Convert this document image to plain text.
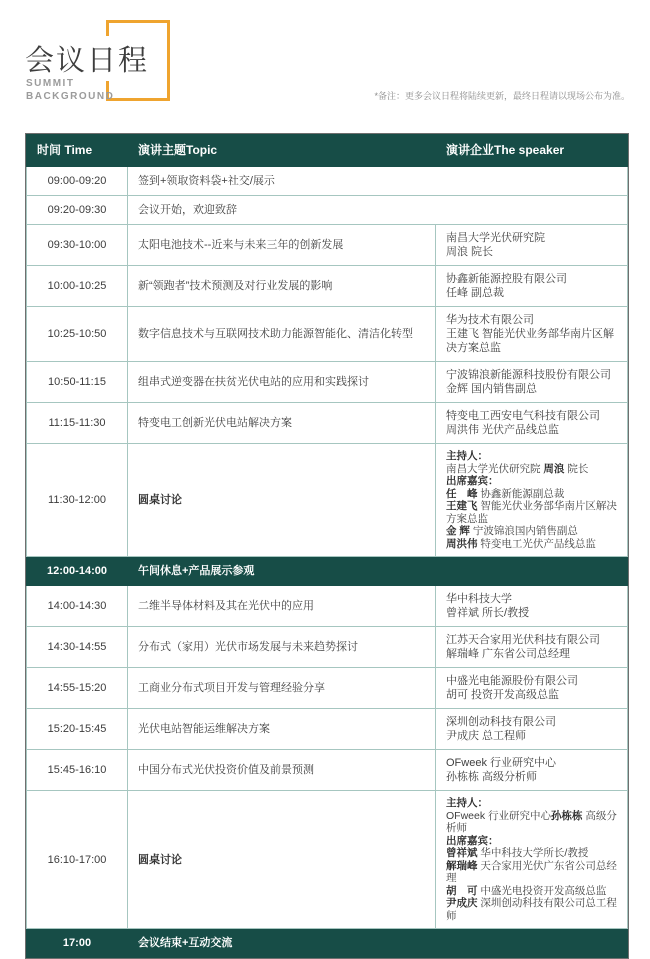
会议日程
SUMMIT
BACKGROUND	*备注：更多会议日程将陆续更新，最终日程请以现场公布为准。
时间 Time	演讲主题Topic	演讲企业The speaker
09:00-09:20	签到+领取资料袋+社交/展示	
09:20-09:30	会议开始，欢迎致辞	
09:30-10:00	太阳电池技术--近来与未来三年的创新发展	南昌大学光伏研究院
周浪 院长

10:00-10:25	新“领跑者”技术预测及对行业发展的影响	协鑫新能源控股有限公司
任峰 副总裁

10:25-10:50	数字信息技术与互联网技术助力能源智能化、清洁化转型	华为技术有限公司
王建飞 智能光伏业务部华南片区解决方案总监

10:50-11:15	组串式逆变器在扶贫光伏电站的应用和实践探讨	宁波锦浪新能源科技股份有限公司
金辉 国内销售副总

11:15-11:30	特变电工创新光伏电站解决方案	特变电工西安电气科技有限公司
周洪伟 光伏产品线总监

11:30-12:00	圆桌讨论	
主持人：
南昌大学光伏研究院 周浪 院长
出席嘉宾：
任　峰 协鑫新能源副总裁
王建飞 智能光伏业务部华南片区解决方案总监
金 辉 宁波锦浪国内销售副总
周洪伟 特变电工光伏产品线总监

12:00-14:00	午间休息+产品展示参观	
14:00-14:30	二维半导体材料及其在光伏中的应用	华中科技大学
曾祥斌 所长/教授

14:30-14:55	分布式（家用）光伏市场发展与未来趋势探讨	江苏天合家用光伏科技有限公司
解瑞峰 广东省公司总经理

14:55-15:20	工商业分布式项目开发与管理经验分享	中盛光电能源股份有限公司
胡可 投资开发高级总监

15:20-15:45	光伏电站智能运维解决方案	深圳创动科技有限公司
尹成庆 总工程师

15:45-16:10	中国分布式光伏投资价值及前景预测	OFweek 行业研究中心
孙栋栋 高级分析师

16:10-17:00	圆桌讨论	
主持人：
OFweek 行业研究中心孙栋栋 高级分析师
出席嘉宾：
曾祥斌 华中科技大学所长/教授
解瑞峰 天合家用光伏广东省公司总经理
胡　可 中盛光电投资开发高级总监
尹成庆 深圳创动科技有限公司总工程师

17:00	会议结束+互动交流	
